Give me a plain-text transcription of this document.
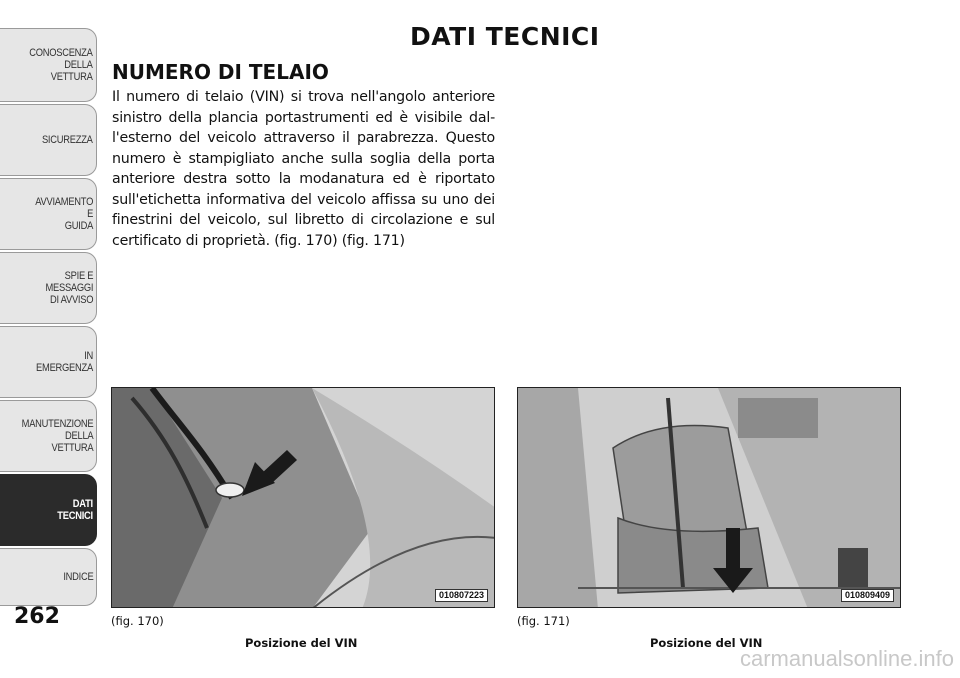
CONOSCENZA
DELLA
VETTURA
SICUREZZA
AVVIAMENTO
E
GUIDA
SPIE E
MESSAGGI
DI AVVISO
IN
EMERGENZA
MANUTENZIONE
DELLA
VETTURA
DATI
TECNICI
INDICE
262
DATI TECNICI
NUMERO DI TELAIO
Il numero di telaio (VIN) si trova nell'angolo anteriore sinistro della plancia portastrumenti ed è visibile dal-l'esterno del veicolo attraverso il parabrezza. Questo numero è stampigliato anche sulla soglia della porta anteriore destra sotto la modanatura ed è riportato sull'etichetta informativa del veicolo affissa su uno dei finestrini del veicolo, sul libretto di circolazione e sul certificato di proprietà. (fig. 170) (fig. 171)
010807223
(fig. 170)
Posizione del VIN
010809409
(fig. 171)
Posizione del VIN
carmanualsonline.info
